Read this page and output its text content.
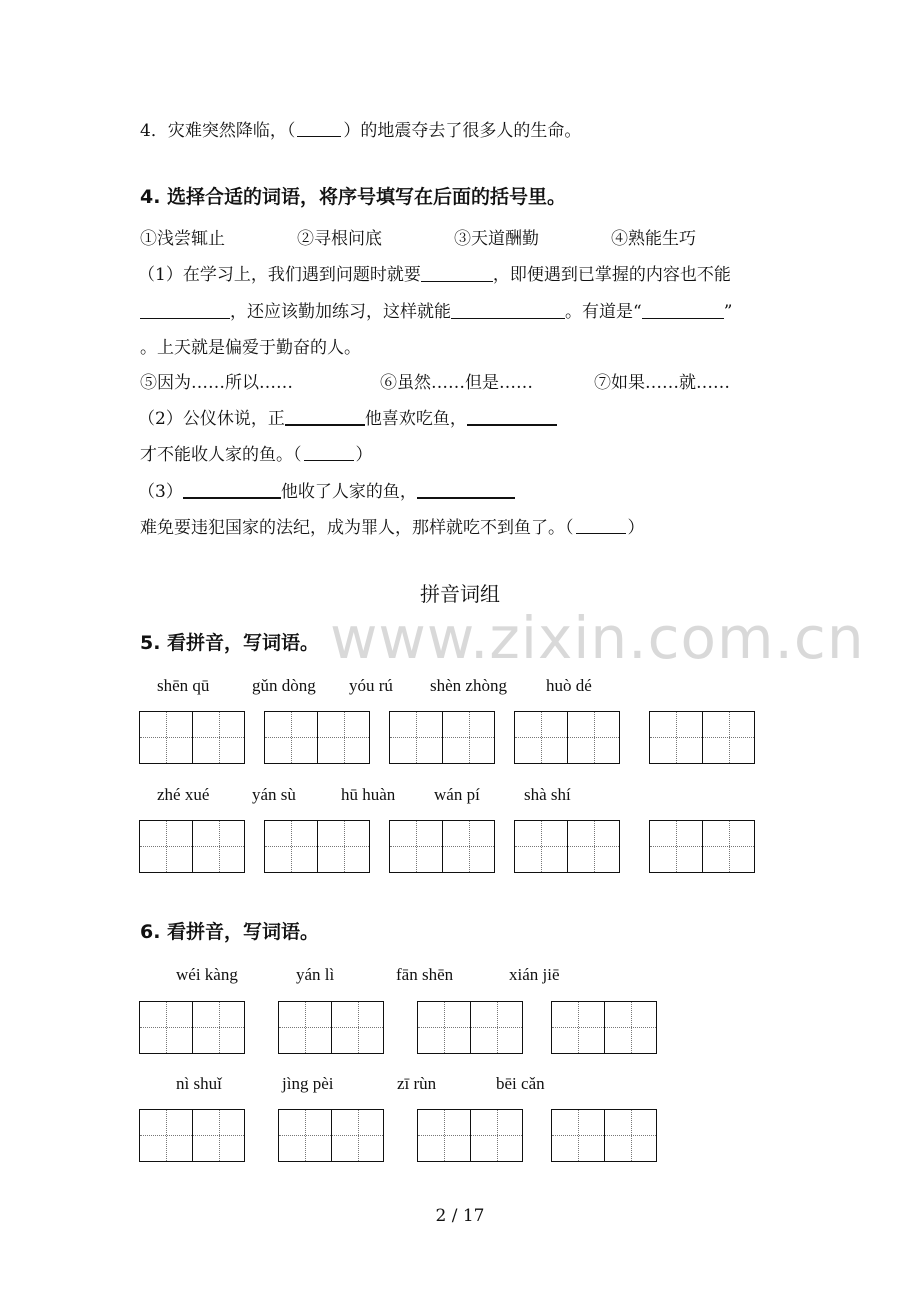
www.zixin.com.cn
4．灾难突然降临，（	）的地震夺去了很多人的生命。
4. 选择合适的词语，将序号填写在后面的括号里。
①浅尝辄止	②寻根问底	③天道酬勤	④熟能生巧
（1）在学习上，我们遇到问题时就要	，即便遇到已掌握的内容也不能
，还应该勤加练习，这样就能	。有道是“	”
。上天就是偏爱于勤奋的人。
⑤因为……所以……	⑥虽然……但是……	⑦如果……就……
（2）公仪休说，正	他喜欢吃鱼，
才不能收人家的鱼。（	）
（3）	他收了人家的鱼，
难免要违犯国家的法纪，成为罪人，那样就吃不到鱼了。（	）
拼音词组
5. 看拼音，写词语。
shēn qū	gǔn dòng yóu rú shèn zhòng huò dé
zhé xué	yán sù	hū huàn wán pí	shà shí
6. 看拼音，写词语。
wéi kàng	yán lì	fān shēn	xián jiē
nì shuǐ	jìng pèi	zī rùn	bēi cǎn
2 / 17
